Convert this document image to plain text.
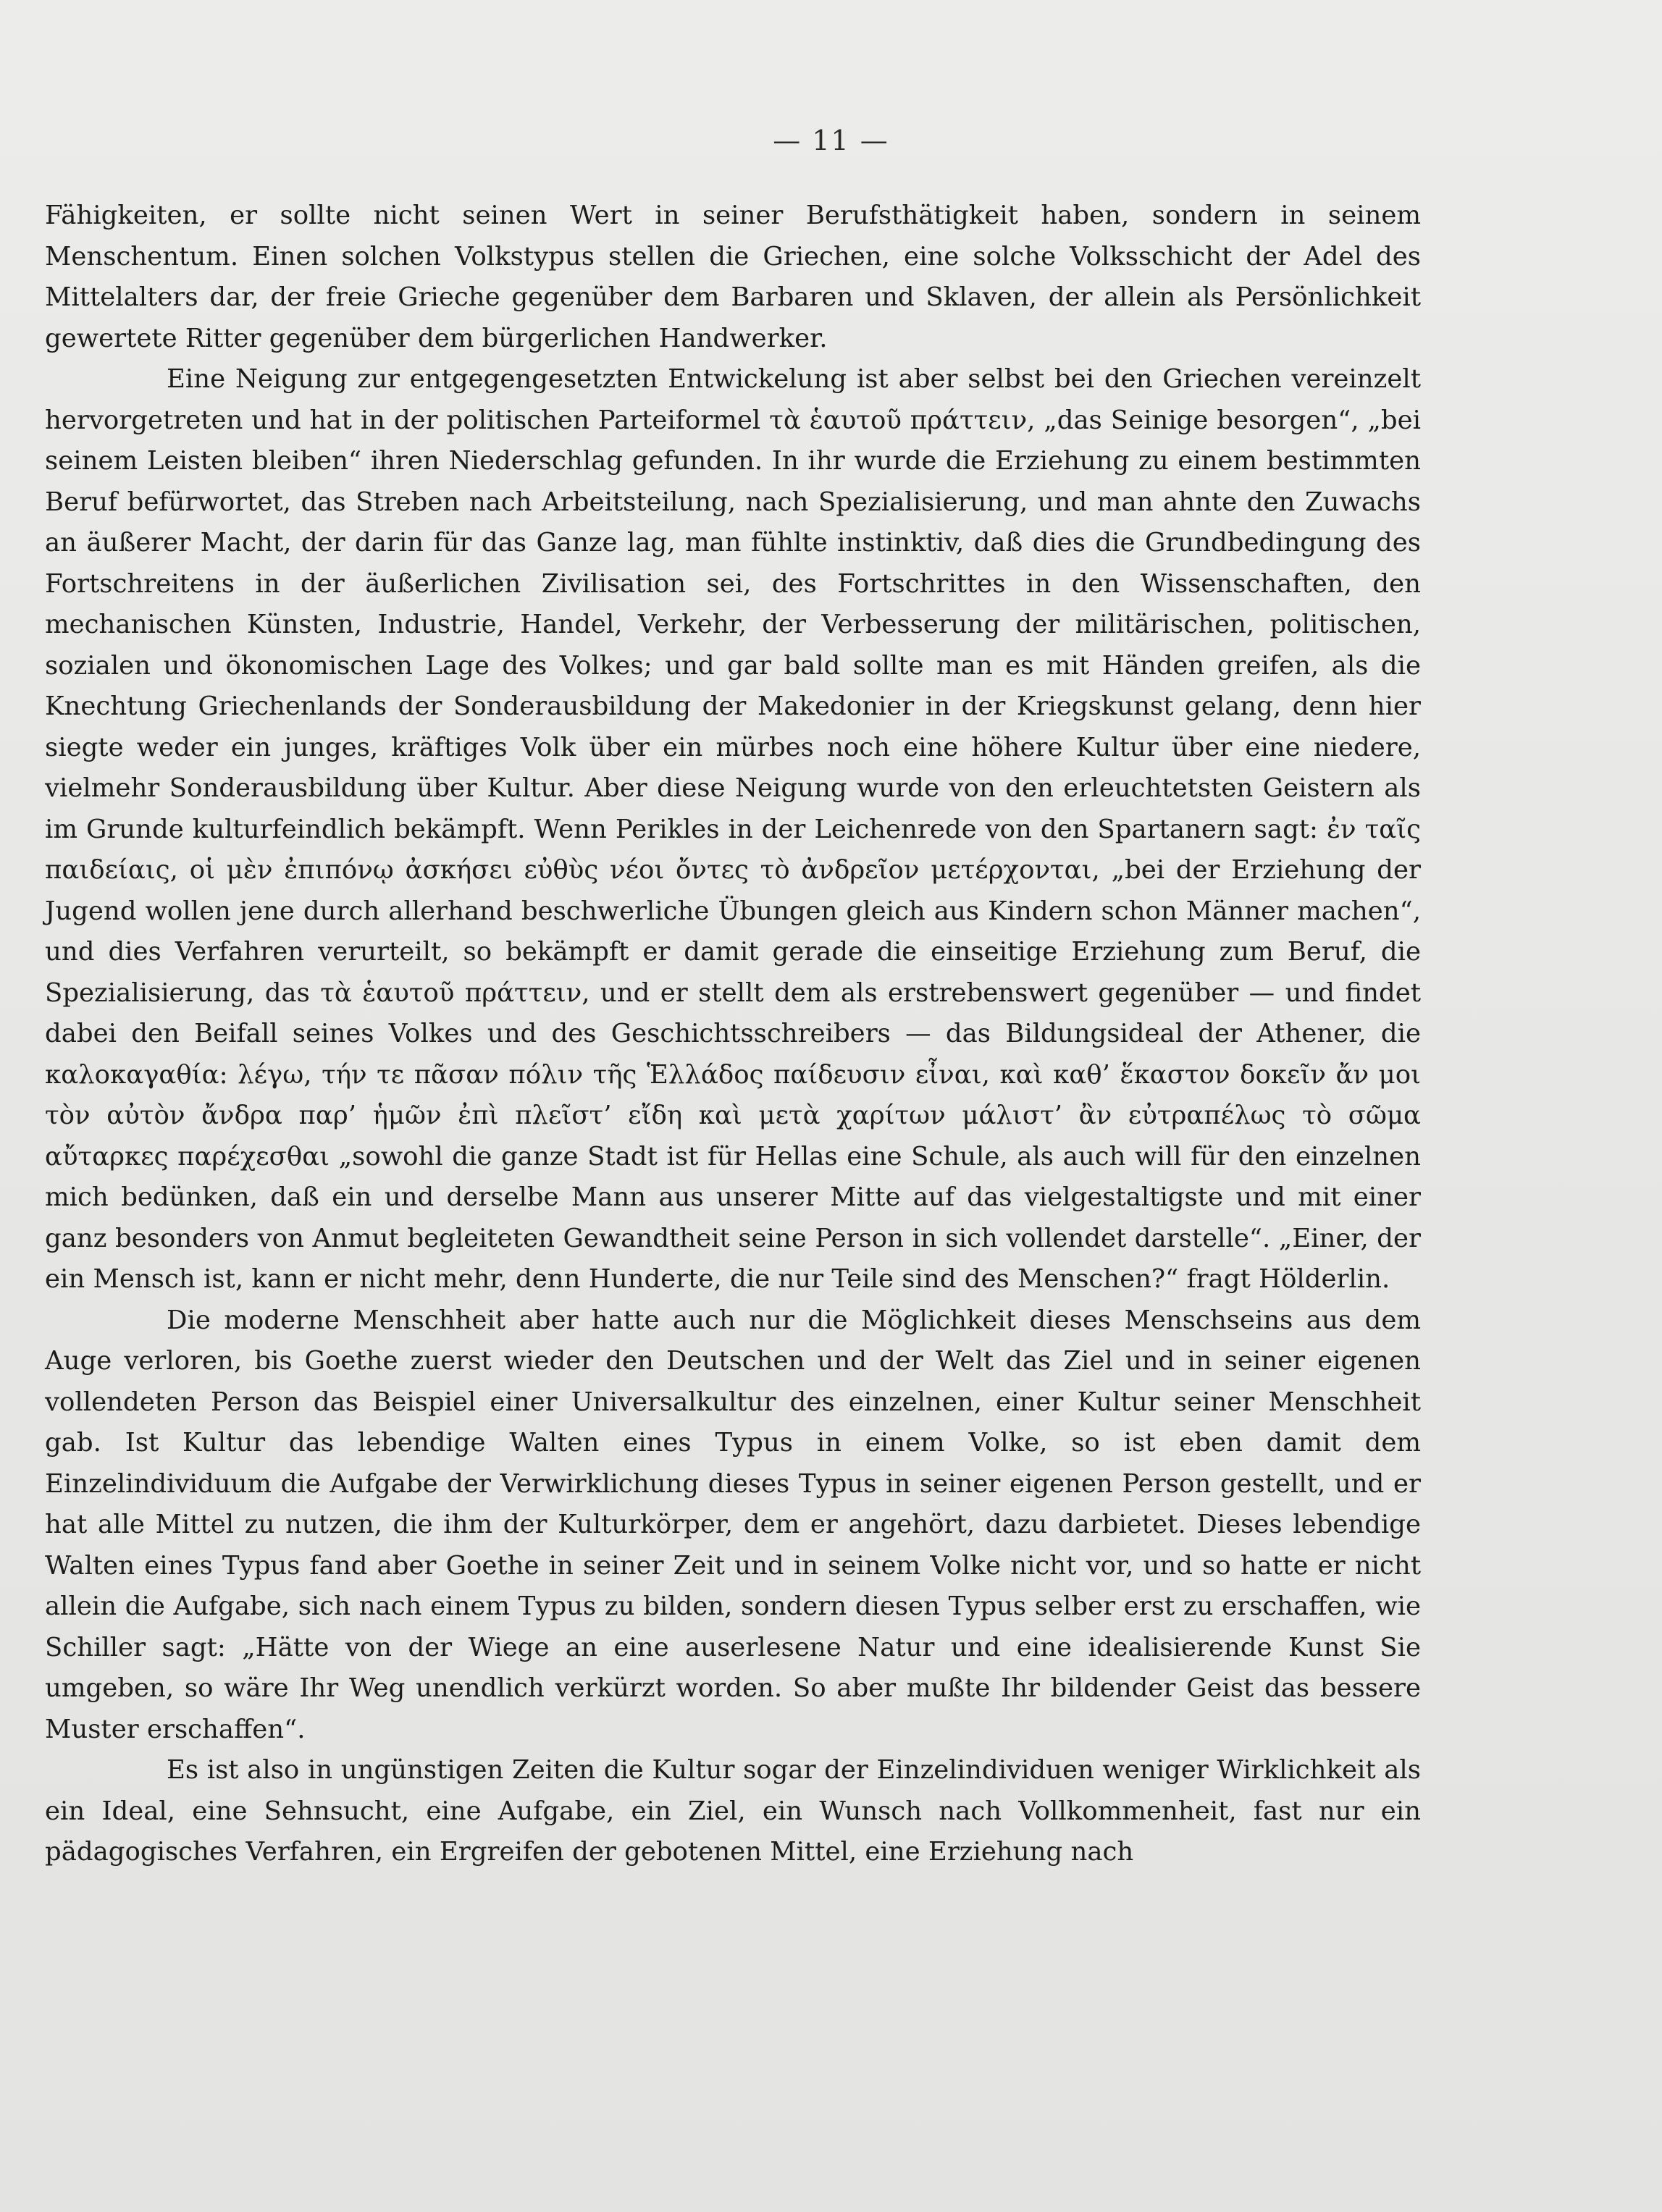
— 11 —

Fähigkeiten, er sollte nicht seinen Wert in seiner Berufsthätigkeit haben, sondern in seinem Menschentum. Einen solchen Volkstypus stellen die Griechen, eine solche Volksschicht der Adel des Mittelalters dar, der freie Grieche gegenüber dem Barbaren und Sklaven, der allein als Persönlichkeit gewertete Ritter gegenüber dem bürgerlichen Handwerker.

Eine Neigung zur entgegengesetzten Entwickelung ist aber selbst bei den Griechen vereinzelt hervorgetreten und hat in der politischen Parteiformel τὰ ἑαυτοῦ πράττειν, „das Seinige besorgen“, „bei seinem Leisten bleiben“ ihren Niederschlag gefunden. In ihr wurde die Erziehung zu einem bestimmten Beruf befürwortet, das Streben nach Arbeitsteilung, nach Spezialisierung, und man ahnte den Zuwachs an äußerer Macht, der darin für das Ganze lag, man fühlte instinktiv, daß dies die Grundbedingung des Fortschreitens in der äußerlichen Zivilisation sei, des Fortschrittes in den Wissenschaften, den mechanischen Künsten, Industrie, Handel, Verkehr, der Verbesserung der militärischen, politischen, sozialen und ökonomischen Lage des Volkes; und gar bald sollte man es mit Händen greifen, als die Knechtung Griechenlands der Sonderausbildung der Makedonier in der Kriegskunst gelang, denn hier siegte weder ein junges, kräftiges Volk über ein mürbes noch eine höhere Kultur über eine niedere, vielmehr Sonderausbildung über Kultur. Aber diese Neigung wurde von den erleuchtetsten Geistern als im Grunde kulturfeindlich bekämpft. Wenn Perikles in der Leichenrede von den Spartanern sagt: ἐν ταῖς παιδείαις, οἱ μὲν ἐπιπόνῳ ἀσκήσει εὐθὺς νέοι ὄντες τὸ ἀνδρεῖον μετέρχονται, „bei der Erziehung der Jugend wollen jene durch allerhand beschwerliche Übungen gleich aus Kindern schon Männer machen“, und dies Verfahren verurteilt, so bekämpft er damit gerade die einseitige Erziehung zum Beruf, die Spezialisierung, das τὰ ἑαυτοῦ πράττειν, und er stellt dem als erstrebenswert gegenüber — und findet dabei den Beifall seines Volkes und des Geschichtsschreibers — das Bildungsideal der Athener, die καλοκαγαθία: λέγω, τήν τε πᾶσαν πόλιν τῆς Ἑλλάδος παίδευσιν εἶναι, καὶ καθ’ ἕκαστον δοκεῖν ἄν μοι τὸν αὐτὸν ἄνδρα παρ’ ἡμῶν ἐπὶ πλεῖστ’ εἴδη καὶ μετὰ χαρίτων μάλιστ’ ἂν εὐτραπέλως τὸ σῶμα αὔταρκες παρέχεσθαι „sowohl die ganze Stadt ist für Hellas eine Schule, als auch will für den einzelnen mich bedünken, daß ein und derselbe Mann aus unserer Mitte auf das vielgestaltigste und mit einer ganz besonders von Anmut begleiteten Gewandtheit seine Person in sich vollendet darstelle“. „Einer, der ein Mensch ist, kann er nicht mehr, denn Hunderte, die nur Teile sind des Menschen?“ fragt Hölderlin.

Die moderne Menschheit aber hatte auch nur die Möglichkeit dieses Menschseins aus dem Auge verloren, bis Goethe zuerst wieder den Deutschen und der Welt das Ziel und in seiner eigenen vollendeten Person das Beispiel einer Universalkultur des einzelnen, einer Kultur seiner Menschheit gab. Ist Kultur das lebendige Walten eines Typus in einem Volke, so ist eben damit dem Einzelindividuum die Aufgabe der Verwirklichung dieses Typus in seiner eigenen Person gestellt, und er hat alle Mittel zu nutzen, die ihm der Kulturkörper, dem er angehört, dazu darbietet. Dieses lebendige Walten eines Typus fand aber Goethe in seiner Zeit und in seinem Volke nicht vor, und so hatte er nicht allein die Aufgabe, sich nach einem Typus zu bilden, sondern diesen Typus selber erst zu erschaffen, wie Schiller sagt: „Hätte von der Wiege an eine auserlesene Natur und eine idealisierende Kunst Sie umgeben, so wäre Ihr Weg unendlich verkürzt worden. So aber mußte Ihr bildender Geist das bessere Muster erschaffen“.

Es ist also in ungünstigen Zeiten die Kultur sogar der Einzelindividuen weniger Wirklichkeit als ein Ideal, eine Sehnsucht, eine Aufgabe, ein Ziel, ein Wunsch nach Vollkommenheit, fast nur ein pädagogisches Verfahren, ein Ergreifen der gebotenen Mittel, eine Erziehung nach
